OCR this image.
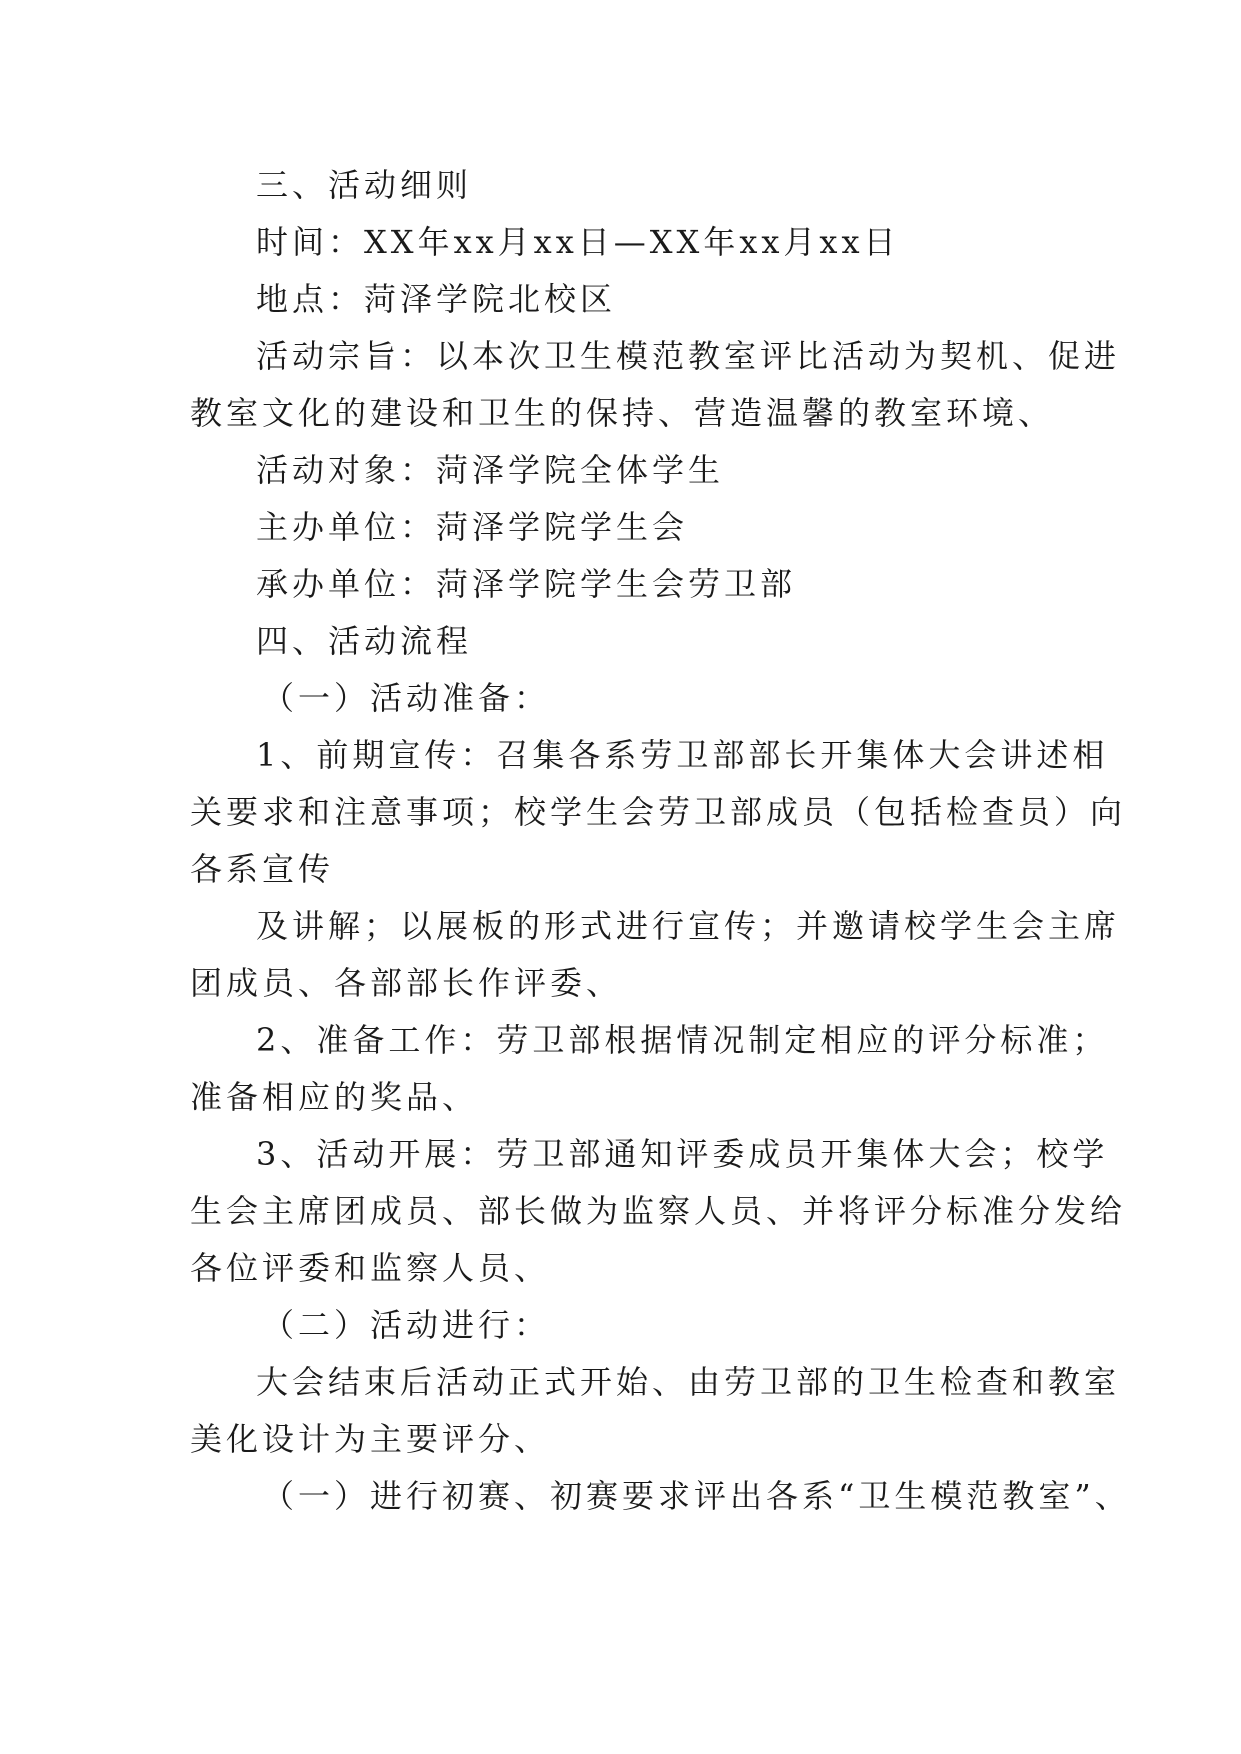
三、活动细则
时间：XX年xx月xx日—XX年xx月xx日
地点：菏泽学院北校区
活动宗旨：以本次卫生模范教室评比活动为契机、促进
教室文化的建设和卫生的保持、营造温馨的教室环境、
活动对象：菏泽学院全体学生
主办单位：菏泽学院学生会
承办单位：菏泽学院学生会劳卫部
四、活动流程
（一）活动准备：
1、前期宣传：召集各系劳卫部部长开集体大会讲述相
关要求和注意事项；校学生会劳卫部成员（包括检查员）向
各系宣传
及讲解；以展板的形式进行宣传；并邀请校学生会主席
团成员、各部部长作评委、
2、准备工作：劳卫部根据情况制定相应的评分标准；
准备相应的奖品、
3、活动开展：劳卫部通知评委成员开集体大会；校学
生会主席团成员、部长做为监察人员、并将评分标准分发给
各位评委和监察人员、
（二）活动进行：
大会结束后活动正式开始、由劳卫部的卫生检查和教室
美化设计为主要评分、
（一）进行初赛、初赛要求评出各系“卫生模范教室”、
